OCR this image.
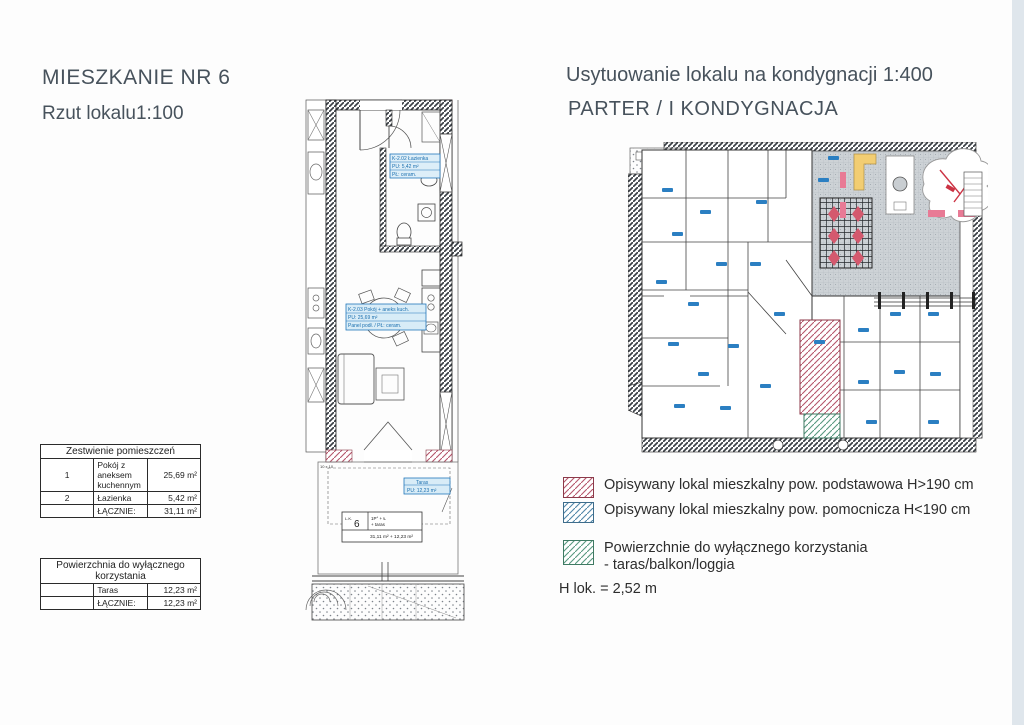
MIESZKANIE NR 6
Rzut lokalu1:100
Usytuowanie lokalu na kondygnacji 1:400
PARTER / I KONDYGNACJA
Zestwienie pomieszczeń		
1	Pokój z aneksem kuchennym	25,69 m²
2	Łazienka	5,42 m²
	ŁĄCZNIE:	31,11 m²
Powierzchnia do wyłącznego korzystania		
	Taras	12,23 m²
	ŁĄCZNIE:	12,23 m²
K-2.02 Łazienka
PU: 5,42 m²
PŁ: ceram.
K-2.03 Pokój + aneks kuch.
PU: 25,69 m²
Panel podł. / PŁ: ceram.
10 x 10
Taras
PU: 12,23 m²
L.K.
6
1P° + Ł
+ taras
31,11 m² + 12,23 m²
Opisywany lokal mieszkalny pow. podstawowa H>190 cm
Opisywany lokal mieszkalny pow. pomocnicza H<190 cm
Powierzchnie do wyłącznego korzystania
- taras/balkon/loggia
H lok. = 2,52 m
